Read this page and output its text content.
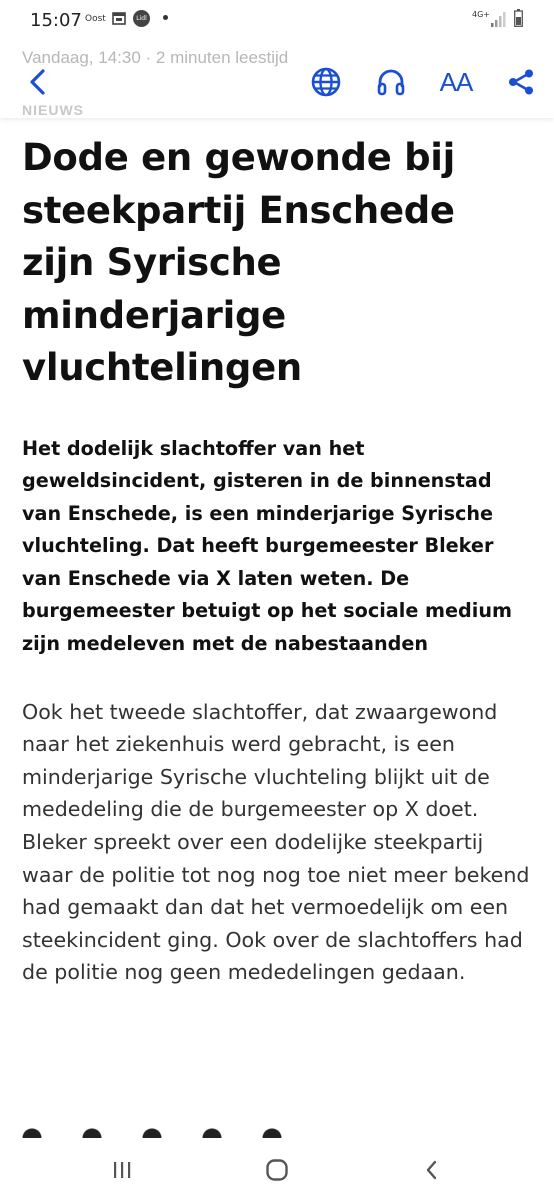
15:07 Oost	Lidl	4G+
Vandaag, 14:30 · 2 minuten leestijd
NIEUWS
AA
Dode en gewonde bij steekpartij Enschede zijn Syrische minderjarige vluchtelingen

Het dodelijk slachtoffer van het geweldsincident, gisteren in de binnenstad van Enschede, is een minderjarige Syrische vluchteling. Dat heeft burgemeester Bleker van Enschede via X laten weten. De burgemeester betuigt op het sociale medium zijn medeleven met de nabestaanden

Ook het tweede slachtoffer, dat zwaargewond naar het ziekenhuis werd gebracht, is een minderjarige Syrische vluchteling blijkt uit de mededeling die de burgemeester op X doet. Bleker spreekt over een dodelijke steekpartij waar de politie tot nog nog toe niet meer bekend had gemaakt dan dat het vermoedelijk om een steekincident ging. Ook over de slachtoffers had de politie nog geen mededelingen gedaan.
